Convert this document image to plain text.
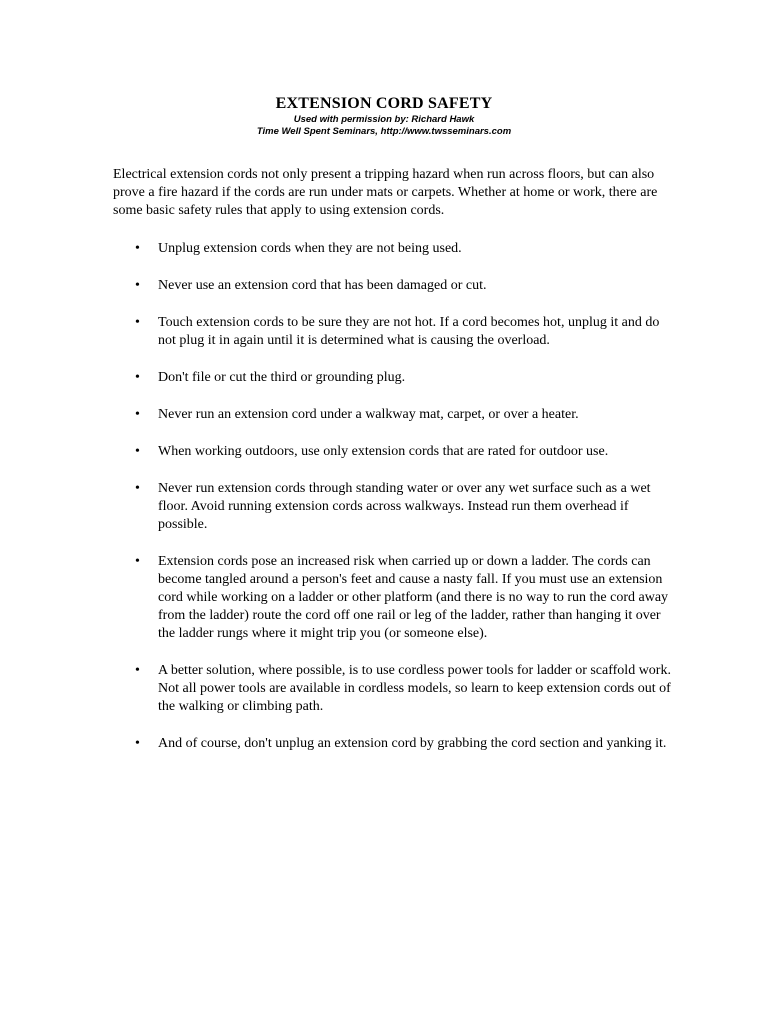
EXTENSION CORD SAFETY
Used with permission by: Richard Hawk
Time Well Spent Seminars, http://www.twsseminars.com

Electrical extension cords not only present a tripping hazard when run across floors, but can also prove a fire hazard if the cords are run under mats or carpets. Whether at home or work, there are some basic safety rules that apply to using extension cords.

• Unplug extension cords when they are not being used.
• Never use an extension cord that has been damaged or cut.
• Touch extension cords to be sure they are not hot. If a cord becomes hot, unplug it and do not plug it in again until it is determined what is causing the overload.
• Don't file or cut the third or grounding plug.
• Never run an extension cord under a walkway mat, carpet, or over a heater.
• When working outdoors, use only extension cords that are rated for outdoor use.
• Never run extension cords through standing water or over any wet surface such as a wet floor. Avoid running extension cords across walkways. Instead run them overhead if possible.
• Extension cords pose an increased risk when carried up or down a ladder. The cords can become tangled around a person's feet and cause a nasty fall. If you must use an extension cord while working on a ladder or other platform (and there is no way to run the cord away from the ladder) route the cord off one rail or leg of the ladder, rather than hanging it over the ladder rungs where it might trip you (or someone else).
• A better solution, where possible, is to use cordless power tools for ladder or scaffold work. Not all power tools are available in cordless models, so learn to keep extension cords out of the walking or climbing path.
• And of course, don't unplug an extension cord by grabbing the cord section and yanking it.
